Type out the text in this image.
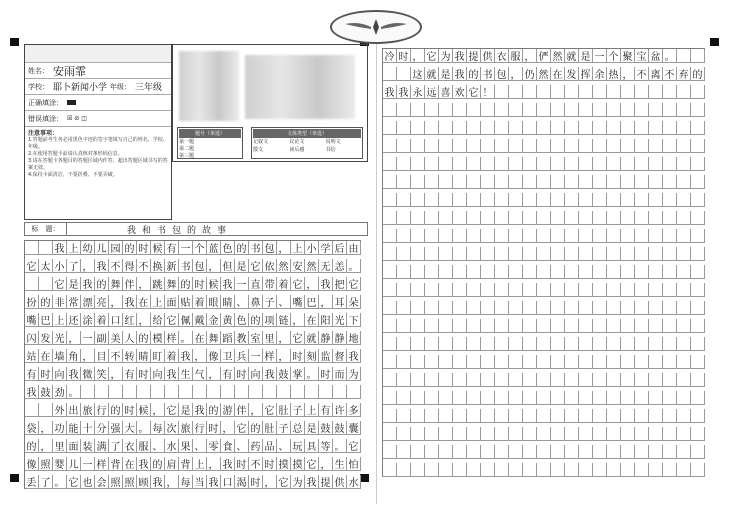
姓名： 安雨霏
学校： 耶卜新闻小学 年级： 三年级
正确填涂：
错误填涂： ☒ ⊘ ◫
注意事项：
1.答题前考生务必用黑色字迹的签字笔填写自己的姓名、学校、年级。
2.在使用答题卡前请认真核对条形码信息。
3.请在答题卡各题目的答题区域内作答，超出答题区域书写的答案无效。
4.保持卡面清洁，不要折叠、不要弄破。
题号（单选）
第一题
第二题
第三题
文体类型（单选）
记叙文	议论文	说明文
散文	读后感	书信
标　题：	我和书包的故事
我 上 幼 儿 园 的 时 候 有 一 个 蓝 色 的 书 包 ， 上 小 学 后 由
它 太 小 了 ， 我 不 得 不 换 新 书 包 ， 但 是 它 依 然 安 然 无 恙 。
它 是 我 的 舞 伴 ， 跳 舞 的 时 候 我 一 直 带 着 它 ， 我 把 它
扮 的 非 常 漂 亮 ， 我 在 上 面 贴 着 眼 睛 、 鼻 子 、 嘴 巴 ， 耳 朵
嘴 巴 上 还 涂 着 口 红 ， 给 它 佩 戴 金 黄 色 的 项 链 ， 在 阳 光 下
闪 发 光 ， 一 副 美 人 的 模 样 。 在 舞 蹈 教 室 里 ， 它 就 静 静 地
站 在 墙 角 ， 目 不 转 睛 盯 着 我 ， 像 卫 兵 一 样 ， 时 刻 监 督 我
有 时 向 我 微 笑 ， 有 时 向 我 生 气 ， 有 时 向 我 鼓 掌 。 时 而 为
我 鼓 劲 。
外 出 旅 行 的 时 候 ， 它 是 我 的 游 伴 ， 它 肚 子 上 有 许 多
袋 ， 功 能 十 分 强 大 。 每 次 旅 行 时 ， 它 的 肚 子 总 是 鼓 鼓 囊
的 ， 里 面 装 满 了 衣 服 、 水 果 、 零 食 、 药 品 、 玩 具 等 。 它
像 照 婴 儿 一 样 背 在 我 的 肩 背 上 ， 我 时 不 时 摸 摸 它 ， 生 怕
丢 了 。 它 也 会 照 照 顾 我 ， 每 当 我 口 渴 时 ， 它 为 我 提 供 水
冷 时 ， 它 为 我 提 供 衣 服 ， 俨 然 就 是 一 个 聚 宝 盆 。
这 就 是 我 的 书 包 ， 仍 然 在 发 挥 余 热 ， 不 离 不 弃 的
我 我 永 远 喜 欢 它 ！
